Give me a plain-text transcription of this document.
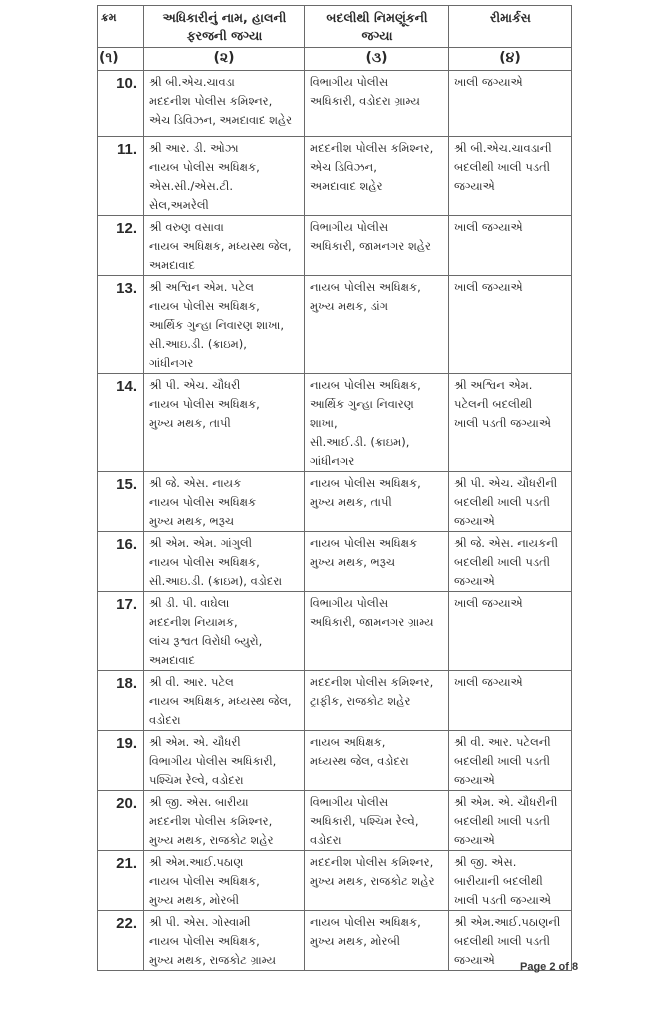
ક્રમ	અધિકારીનું નામ, હાલની ફરજની જગ્યા	બદલીથી નિમણૂંકની જગ્યા	રીમાર્કસ
(૧)	(૨)	(૩)	(૪)
10.	શ્રી બી.એચ.ચાવડા
મદદનીશ પોલીસ કમિશ્નર,
એચ ડિવિઝન, અમદાવાદ શહેર	વિભાગીય પોલીસ
અધિકારી, વડોદરા ગ્રામ્ય	ખાલી જગ્યાએ

11.	શ્રી આર. ડી. ઓઝા
નાયબ પોલીસ અધિક્ષક,
એસ.સી./એસ.ટી.
સેલ,અમરેલી	મદદનીશ પોલીસ કમિશ્નર,
એચ ડિવિઝન,
અમદાવાદ શહેર	શ્રી બી.એચ.ચાવડાની
બદલીથી ખાલી પડતી
જગ્યાએ

12.	શ્રી વરુણ વસાવા
નાયબ અધિક્ષક, મધ્યસ્થ જેલ,
અમદાવાદ	વિભાગીય પોલીસ
અધિકારી, જામનગર શહેર	ખાલી જગ્યાએ

13.	શ્રી અશ્વિન એમ. પટેલ
નાયબ પોલીસ અધિક્ષક,
આર્થિક ગુન્હા નિવારણ શાખા,
સી.આઇ.ડી. (ક્રાઇમ),
ગાંધીનગર	નાયબ પોલીસ અધિક્ષક,
મુખ્ય મથક, ડાંગ	ખાલી જગ્યાએ

14.	શ્રી પી. એચ. ચૌધરી
નાયબ પોલીસ અધિક્ષક,
મુખ્ય મથક, તાપી	નાયબ પોલીસ અધિક્ષક,
આર્થિક ગુન્હા નિવારણ
શાખા,
સી.આઈ.ડી. (ક્રાઇમ),
ગાંધીનગર	શ્રી અશ્વિન એમ.
પટેલની બદલીથી
ખાલી પડતી જગ્યાએ

15.	શ્રી જે. એસ. નાયક
નાયબ પોલીસ અધિક્ષક
મુખ્ય મથક, ભરૂચ	નાયબ પોલીસ અધિક્ષક,
મુખ્ય મથક, તાપી	શ્રી પી. એચ. ચૌધરીની
બદલીથી ખાલી પડતી
જગ્યાએ

16.	શ્રી એમ. એમ. ગાંગુલી
નાયબ પોલીસ અધિક્ષક,
સી.આઇ.ડી. (ક્રાઇમ), વડોદરા	નાયબ પોલીસ અધિક્ષક
મુખ્ય મથક, ભરૂચ	શ્રી જે. એસ. નાયકની
બદલીથી ખાલી પડતી
જગ્યાએ

17.	શ્રી ડી. પી. વાઘેલા
મદદનીશ નિયામક,
લાંચ રૂશ્વત વિરોધી બ્યુરો,
અમદાવાદ	વિભાગીય પોલીસ
અધિકારી, જામનગર ગ્રામ્ય	ખાલી જગ્યાએ

18.	શ્રી વી. આર. પટેલ
નાયબ અધિક્ષક, મધ્યસ્થ જેલ,
વડોદરા	મદદનીશ પોલીસ કમિશ્નર,
ટ્રાફીક, રાજકોટ શહેર	ખાલી જગ્યાએ

19.	શ્રી એમ. એ. ચૌધરી
વિભાગીય પોલીસ અધિકારી,
પશ્ચિમ રેલ્વે, વડોદરા	નાયબ અધિક્ષક,
મધ્યસ્થ જેલ, વડોદરા	શ્રી વી. આર. પટેલની
બદલીથી ખાલી પડતી
જગ્યાએ

20.	શ્રી જી. એસ. બારીયા
મદદનીશ પોલીસ કમિશ્નર,
મુખ્ય મથક, રાજકોટ શહેર	વિભાગીય પોલીસ
અધિકારી, પશ્ચિમ રેલ્વે,
વડોદરા	શ્રી એમ. એ. ચૌધરીની
બદલીથી ખાલી પડતી
જગ્યાએ

21.	શ્રી એમ.આઈ.પઠાણ
નાયબ પોલીસ અધિક્ષક,
મુખ્ય મથક, મોરબી	મદદનીશ પોલીસ કમિશ્નર,
મુખ્ય મથક, રાજકોટ શહેર	શ્રી જી. એસ.
બારીયાની બદલીથી
ખાલી પડતી જગ્યાએ

22.	શ્રી પી. એસ. ગોસ્વામી
નાયબ પોલીસ અધિક્ષક,
મુખ્ય મથક, રાજકોટ ગ્રામ્ય	નાયબ પોલીસ અધિક્ષક,
મુખ્ય મથક, મોરબી	શ્રી એમ.આઈ.પઠાણની
બદલીથી ખાલી પડતી
જગ્યાએ	Page 2 of 8
